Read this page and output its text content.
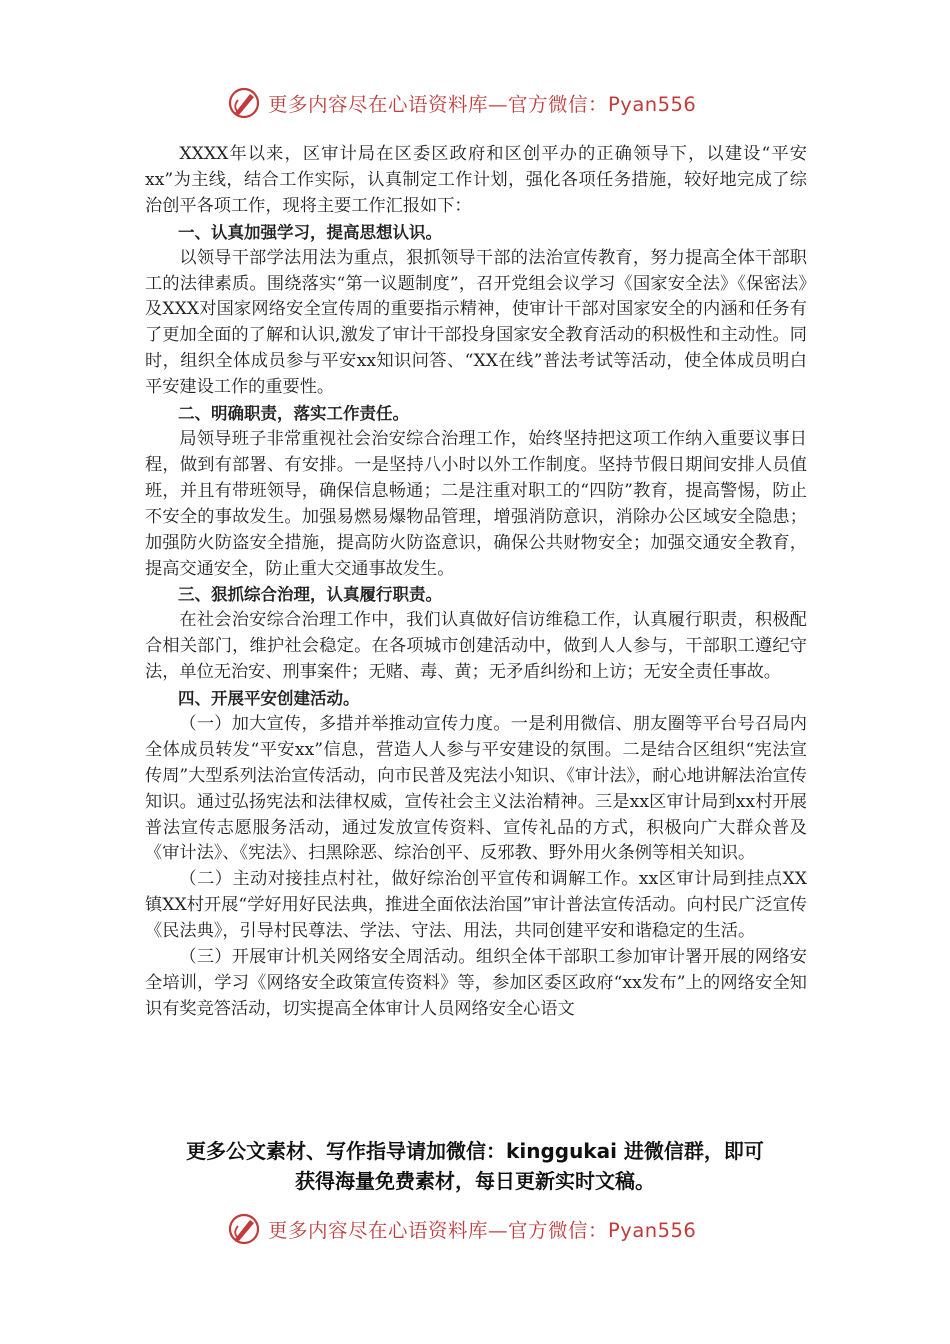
更多内容尽在心语资料库—官方微信：Pyan556

XXXX年以来，区审计局在区委区政府和区创平办的正确领导下，以建设“平安xx”为主线，结合工作实际，认真制定工作计划，强化各项任务措施，较好地完成了综治创平各项工作，现将主要工作汇报如下：

一、认真加强学习，提高思想认识。

以领导干部学法用法为重点，狠抓领导干部的法治宣传教育，努力提高全体干部职工的法律素质。围绕落实“第一议题制度”，召开党组会议学习《国家安全法》《保密法》及XXX对国家网络安全宣传周的重要指示精神，使审计干部对国家安全的内涵和任务有了更加全面的了解和认识,激发了审计干部投身国家安全教育活动的积极性和主动性。同时，组织全体成员参与平安xx知识问答、“XX在线”普法考试等活动，使全体成员明白平安建设工作的重要性。

二、明确职责，落实工作责任。

局领导班子非常重视社会治安综合治理工作，始终坚持把这项工作纳入重要议事日程，做到有部署、有安排。一是坚持八小时以外工作制度。坚持节假日期间安排人员值班，并且有带班领导，确保信息畅通；二是注重对职工的“四防”教育，提高警惕，防止不安全的事故发生。加强易燃易爆物品管理，增强消防意识，消除办公区域安全隐患；加强防火防盗安全措施，提高防火防盗意识，确保公共财物安全；加强交通安全教育，提高交通安全，防止重大交通事故发生。

三、狠抓综合治理，认真履行职责。

在社会治安综合治理工作中，我们认真做好信访维稳工作，认真履行职责，积极配合相关部门，维护社会稳定。在各项城市创建活动中，做到人人参与，干部职工遵纪守法，单位无治安、刑事案件；无赌、毒、黄；无矛盾纠纷和上访；无安全责任事故。

四、开展平安创建活动。

（一）加大宣传，多措并举推动宣传力度。一是利用微信、朋友圈等平台号召局内全体成员转发“平安xx”信息，营造人人参与平安建设的氛围。二是结合区组织“宪法宣传周”大型系列法治宣传活动，向市民普及宪法小知识、《审计法》，耐心地讲解法治宣传知识。通过弘扬宪法和法律权威，宣传社会主义法治精神。三是xx区审计局到xx村开展普法宣传志愿服务活动，通过发放宣传资料、宣传礼品的方式，积极向广大群众普及《审计法》、《宪法》、扫黑除恶、综治创平、反邪教、野外用火条例等相关知识。

（二）主动对接挂点村社，做好综治创平宣传和调解工作。xx区审计局到挂点XX镇XX村开展“学好用好民法典，推进全面依法治国”审计普法宣传活动。向村民广泛宣传《民法典》，引导村民尊法、学法、守法、用法，共同创建平安和谐稳定的生活。

（三）开展审计机关网络安全周活动。组织全体干部职工参加审计署开展的网络安全培训，学习《网络安全政策宣传资料》等，参加区委区政府“xx发布”上的网络安全知识有奖竞答活动，切实提高全体审计人员网络安全心语文

更多公文素材、写作指导请加微信：kinggukai 进微信群，即可
获得海量免费素材，每日更新实时文稿。
更多内容尽在心语资料库—官方微信：Pyan556
